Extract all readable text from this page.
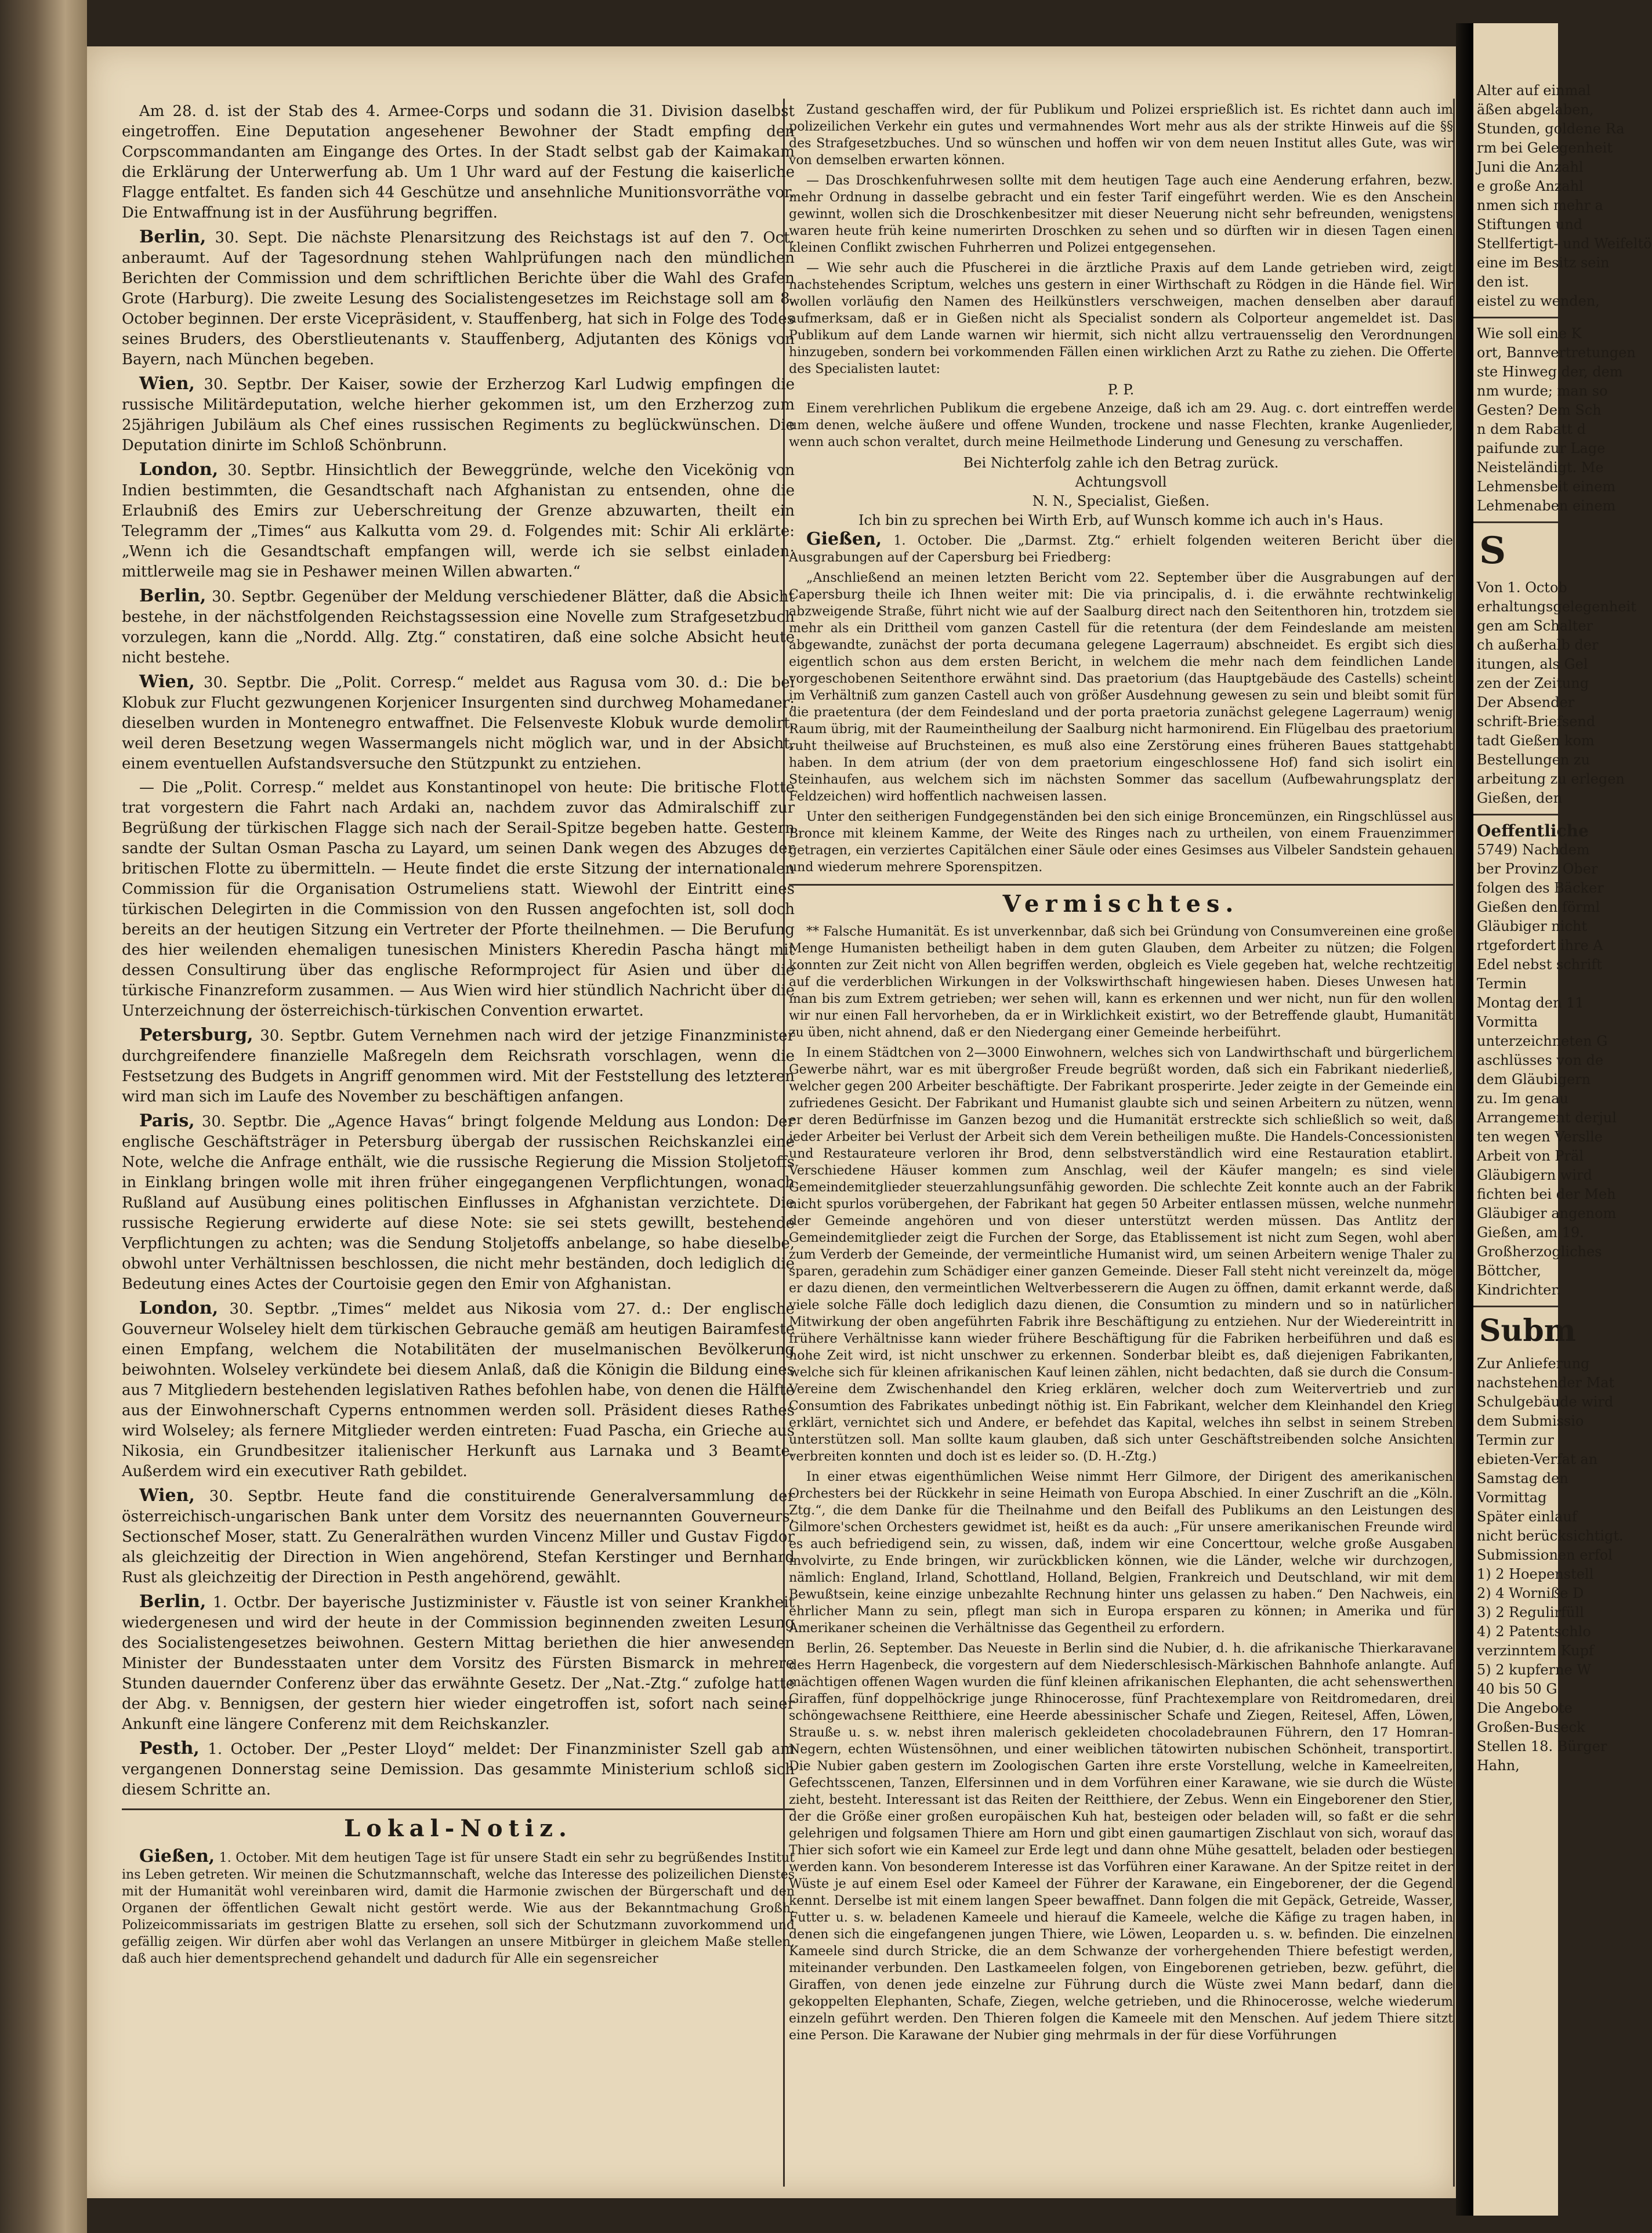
Am 28. d. ist der Stab des 4. Armee-Corps und sodann die 31. Division daselbst eingetroffen. Eine Deputation angesehener Bewohner der Stadt empfing den Corpscommandanten am Eingange des Ortes. In der Stadt selbst gab der Kaimakam die Erklärung der Unterwerfung ab. Um 1 Uhr ward auf der Festung die kaiserliche Flagge entfaltet. Es fanden sich 44 Geschütze und ansehnliche Munitionsvorräthe vor. Die Entwaffnung ist in der Ausführung begriffen.

Berlin, 30. Sept. Die nächste Plenarsitzung des Reichstags ist auf den 7. Oct. anberaumt. Auf der Tagesordnung stehen Wahlprüfungen nach den mündlichen Berichten der Commission und dem schriftlichen Berichte über die Wahl des Grafen Grote (Harburg). Die zweite Lesung des Socialistengesetzes im Reichstage soll am 8. October beginnen. Der erste Vicepräsident, v. Stauffenberg, hat sich in Folge des Todes seines Bruders, des Oberstlieutenants v. Stauffenberg, Adjutanten des Königs von Bayern, nach München begeben.

Wien, 30. Septbr. Der Kaiser, sowie der Erzherzog Karl Ludwig empfingen die russische Militärdeputation, welche hierher gekommen ist, um den Erzherzog zum 25jährigen Jubiläum als Chef eines russischen Regiments zu beglückwünschen. Die Deputation dinirte im Schloß Schönbrunn.

London, 30. Septbr. Hinsichtlich der Beweggründe, welche den Vicekönig von Indien bestimmten, die Gesandtschaft nach Afghanistan zu entsenden, ohne die Erlaubniß des Emirs zur Ueberschreitung der Grenze abzuwarten, theilt ein Telegramm der „Times“ aus Kalkutta vom 29. d. Folgendes mit: Schir Ali erklärte: „Wenn ich die Gesandtschaft empfangen will, werde ich sie selbst einladen; mittlerweile mag sie in Peshawer meinen Willen abwarten.“

Berlin, 30. Septbr. Gegenüber der Meldung verschiedener Blätter, daß die Absicht bestehe, in der nächstfolgenden Reichstagssession eine Novelle zum Strafgesetzbuch vorzulegen, kann die „Nordd. Allg. Ztg.“ constatiren, daß eine solche Absicht heute nicht bestehe.

Wien, 30. Septbr. Die „Polit. Corresp.“ meldet aus Ragusa vom 30. d.: Die bei Klobuk zur Flucht gezwungenen Korjenicer Insurgenten sind durchweg Mohamedaner; dieselben wurden in Montenegro entwaffnet. Die Felsenveste Klobuk wurde demolirt, weil deren Besetzung wegen Wassermangels nicht möglich war, und in der Absicht, einem eventuellen Aufstandsversuche den Stützpunkt zu entziehen.

— Die „Polit. Corresp.“ meldet aus Konstantinopel von heute: Die britische Flotte trat vorgestern die Fahrt nach Ardaki an, nachdem zuvor das Admiralschiff zur Begrüßung der türkischen Flagge sich nach der Serail-Spitze begeben hatte. Gestern sandte der Sultan Osman Pascha zu Layard, um seinen Dank wegen des Abzuges der britischen Flotte zu übermitteln. — Heute findet die erste Sitzung der internationalen Commission für die Organisation Ostrumeliens statt. Wiewohl der Eintritt eines türkischen Delegirten in die Commission von den Russen angefochten ist, soll doch bereits an der heutigen Sitzung ein Vertreter der Pforte theilnehmen. — Die Berufung des hier weilenden ehemaligen tunesischen Ministers Kheredin Pascha hängt mit dessen Consultirung über das englische Reformproject für Asien und über die türkische Finanzreform zusammen. — Aus Wien wird hier stündlich Nachricht über die Unterzeichnung der österreichisch-türkischen Convention erwartet.

Petersburg, 30. Septbr. Gutem Vernehmen nach wird der jetzige Finanzminister durchgreifendere finanzielle Maßregeln dem Reichsrath vorschlagen, wenn die Festsetzung des Budgets in Angriff genommen wird. Mit der Feststellung des letzteren wird man sich im Laufe des November zu beschäftigen anfangen.

Paris, 30. Septbr. Die „Agence Havas“ bringt folgende Meldung aus London: Der englische Geschäftsträger in Petersburg übergab der russischen Reichskanzlei eine Note, welche die Anfrage enthält, wie die russische Regierung die Mission Stoljetoffs in Einklang bringen wolle mit ihren früher eingegangenen Verpflichtungen, wonach Rußland auf Ausübung eines politischen Einflusses in Afghanistan verzichtete. Die russische Regierung erwiderte auf diese Note: sie sei stets gewillt, bestehende Verpflichtungen zu achten; was die Sendung Stoljetoffs anbelange, so habe dieselbe, obwohl unter Verhältnissen beschlossen, die nicht mehr beständen, doch lediglich die Bedeutung eines Actes der Courtoisie gegen den Emir von Afghanistan.

London, 30. Septbr. „Times“ meldet aus Nikosia vom 27. d.: Der englische Gouverneur Wolseley hielt dem türkischen Gebrauche gemäß am heutigen Bairamfeste einen Empfang, welchem die Notabilitäten der muselmanischen Bevölkerung beiwohnten. Wolseley verkündete bei diesem Anlaß, daß die Königin die Bildung eines aus 7 Mitgliedern bestehenden legislativen Rathes befohlen habe, von denen die Hälfte aus der Einwohnerschaft Cyperns entnommen werden soll. Präsident dieses Rathes wird Wolseley; als fernere Mitglieder werden eintreten: Fuad Pascha, ein Grieche aus Nikosia, ein Grundbesitzer italienischer Herkunft aus Larnaka und 3 Beamte. Außerdem wird ein executiver Rath gebildet.

Wien, 30. Septbr. Heute fand die constituirende Generalversammlung der österreichisch-ungarischen Bank unter dem Vorsitz des neuernannten Gouverneurs, Sectionschef Moser, statt. Zu Generalräthen wurden Vincenz Miller und Gustav Figdor als gleichzeitig der Direction in Wien angehörend, Stefan Kerstinger und Bernhard Rust als gleichzeitig der Direction in Pesth angehörend, gewählt.

Berlin, 1. Octbr. Der bayerische Justizminister v. Fäustle ist von seiner Krankheit wiedergenesen und wird der heute in der Commission beginnenden zweiten Lesung des Socialistengesetzes beiwohnen. Gestern Mittag beriethen die hier anwesenden Minister der Bundesstaaten unter dem Vorsitz des Fürsten Bismarck in mehrere Stunden dauernder Conferenz über das erwähnte Gesetz. Der „Nat.-Ztg.“ zufolge hatte der Abg. v. Bennigsen, der gestern hier wieder eingetroffen ist, sofort nach seiner Ankunft eine längere Conferenz mit dem Reichskanzler.

Pesth, 1. October. Der „Pester Lloyd“ meldet: Der Finanzminister Szell gab am vergangenen Donnerstag seine Demission. Das gesammte Ministerium schloß sich diesem Schritte an.

Lokal-Notiz.

Gießen, 1. October. Mit dem heutigen Tage ist für unsere Stadt ein sehr zu begrüßendes Institut ins Leben getreten. Wir meinen die Schutzmannschaft, welche das Interesse des polizeilichen Dienstes mit der Humanität wohl vereinbaren wird, damit die Harmonie zwischen der Bürgerschaft und den Organen der öffentlichen Gewalt nicht gestört werde. Wie aus der Bekanntmachung Großh. Polizeicommissariats im gestrigen Blatte zu ersehen, soll sich der Schutzmann zuvorkommend und gefällig zeigen. Wir dürfen aber wohl das Verlangen an unsere Mitbürger in gleichem Maße stellen, daß auch hier dementsprechend gehandelt und dadurch für Alle ein segensreicher

Zustand geschaffen wird, der für Publikum und Polizei ersprießlich ist. Es richtet dann auch im polizeilichen Verkehr ein gutes und vermahnendes Wort mehr aus als der strikte Hinweis auf die §§ des Strafgesetzbuches. Und so wünschen und hoffen wir von dem neuen Institut alles Gute, was wir von demselben erwarten können.

— Das Droschkenfuhrwesen sollte mit dem heutigen Tage auch eine Aenderung erfahren, bezw. mehr Ordnung in dasselbe gebracht und ein fester Tarif eingeführt werden. Wie es den Anschein gewinnt, wollen sich die Droschkenbesitzer mit dieser Neuerung nicht sehr befreunden, wenigstens waren heute früh keine numerirten Droschken zu sehen und so dürften wir in diesen Tagen einen kleinen Conflikt zwischen Fuhrherren und Polizei entgegensehen.

— Wie sehr auch die Pfuscherei in die ärztliche Praxis auf dem Lande getrieben wird, zeigt nachstehendes Scriptum, welches uns gestern in einer Wirthschaft zu Rödgen in die Hände fiel. Wir wollen vorläufig den Namen des Heilkünstlers verschweigen, machen denselben aber darauf aufmerksam, daß er in Gießen nicht als Specialist sondern als Colporteur angemeldet ist. Das Publikum auf dem Lande warnen wir hiermit, sich nicht allzu vertrauensselig den Verordnungen hinzugeben, sondern bei vorkommenden Fällen einen wirklichen Arzt zu Rathe zu ziehen. Die Offerte des Specialisten lautet:

P. P.

Einem verehrlichen Publikum die ergebene Anzeige, daß ich am 29. Aug. c. dort eintreffen werde um denen, welche äußere und offene Wunden, trockene und nasse Flechten, kranke Augenlieder, wenn auch schon veraltet, durch meine Heilmethode Linderung und Genesung zu verschaffen.

Bei Nichterfolg zahle ich den Betrag zurück.

Achtungsvoll

N. N., Specialist, Gießen.

Ich bin zu sprechen bei Wirth Erb, auf Wunsch komme ich auch in's Haus.

Gießen, 1. October. Die „Darmst. Ztg.“ erhielt folgenden weiteren Bericht über die Ausgrabungen auf der Capersburg bei Friedberg:

„Anschließend an meinen letzten Bericht vom 22. September über die Ausgrabungen auf der Capersburg theile ich Ihnen weiter mit: Die via principalis, d. i. die erwähnte rechtwinkelig abzweigende Straße, führt nicht wie auf der Saalburg direct nach den Seitenthoren hin, trotzdem sie mehr als ein Drittheil vom ganzen Castell für die retentura (der dem Feindeslande am meisten abgewandte, zunächst der porta decumana gelegene Lagerraum) abschneidet. Es ergibt sich dies eigentlich schon aus dem ersten Bericht, in welchem die mehr nach dem feindlichen Lande vorgeschobenen Seitenthore erwähnt sind. Das praetorium (das Hauptgebäude des Castells) scheint im Verhältniß zum ganzen Castell auch von größer Ausdehnung gewesen zu sein und bleibt somit für die praetentura (der dem Feindesland und der porta praetoria zunächst gelegene Lagerraum) wenig Raum übrig, mit der Raumeintheilung der Saalburg nicht harmonirend. Ein Flügelbau des praetorium ruht theilweise auf Bruchsteinen, es muß also eine Zerstörung eines früheren Baues stattgehabt haben. In dem atrium (der von dem praetorium eingeschlossene Hof) fand sich isolirt ein Steinhaufen, aus welchem sich im nächsten Sommer das sacellum (Aufbewahrungsplatz der Feldzeichen) wird hoffentlich nachweisen lassen.

Unter den seitherigen Fundgegenständen bei den sich einige Broncemünzen, ein Ringschlüssel aus Bronce mit kleinem Kamme, der Weite des Ringes nach zu urtheilen, von einem Frauenzimmer getragen, ein verziertes Capitälchen einer Säule oder eines Gesimses aus Vilbeler Sandstein gehauen und wiederum mehrere Sporenspitzen.

Vermischtes.

** Falsche Humanität. Es ist unverkennbar, daß sich bei Gründung von Consumvereinen eine große Menge Humanisten betheiligt haben in dem guten Glauben, dem Arbeiter zu nützen; die Folgen konnten zur Zeit nicht von Allen begriffen werden, obgleich es Viele gegeben hat, welche rechtzeitig auf die verderblichen Wirkungen in der Volkswirthschaft hingewiesen haben. Dieses Unwesen hat man bis zum Extrem getrieben; wer sehen will, kann es erkennen und wer nicht, nun für den wollen wir nur einen Fall hervorheben, da er in Wirklichkeit existirt, wo der Betreffende glaubt, Humanität zu üben, nicht ahnend, daß er den Niedergang einer Gemeinde herbeiführt.

In einem Städtchen von 2—3000 Einwohnern, welches sich von Landwirthschaft und bürgerlichem Gewerbe nährt, war es mit übergroßer Freude begrüßt worden, daß sich ein Fabrikant niederließ, welcher gegen 200 Arbeiter beschäftigte. Der Fabrikant prosperirte. Jeder zeigte in der Gemeinde ein zufriedenes Gesicht. Der Fabrikant und Humanist glaubte sich und seinen Arbeitern zu nützen, wenn er deren Bedürfnisse im Ganzen bezog und die Humanität erstreckte sich schließlich so weit, daß jeder Arbeiter bei Verlust der Arbeit sich dem Verein betheiligen mußte. Die Handels-Concessionisten und Restaurateure verloren ihr Brod, denn selbstverständlich wird eine Restauration etablirt. Verschiedene Häuser kommen zum Anschlag, weil der Käufer mangeln; es sind viele Gemeindemitglieder steuerzahlungsunfähig geworden. Die schlechte Zeit konnte auch an der Fabrik nicht spurlos vorübergehen, der Fabrikant hat gegen 50 Arbeiter entlassen müssen, welche nunmehr der Gemeinde angehören und von dieser unterstützt werden müssen. Das Antlitz der Gemeindemitglieder zeigt die Furchen der Sorge, das Etablissement ist nicht zum Segen, wohl aber zum Verderb der Gemeinde, der vermeintliche Humanist wird, um seinen Arbeitern wenige Thaler zu sparen, geradehin zum Schädiger einer ganzen Gemeinde. Dieser Fall steht nicht vereinzelt da, möge er dazu dienen, den vermeintlichen Weltverbesserern die Augen zu öffnen, damit erkannt werde, daß viele solche Fälle doch lediglich dazu dienen, die Consumtion zu mindern und so in natürlicher Mitwirkung der oben angeführten Fabrik ihre Beschäftigung zu entziehen. Nur der Wiedereintritt in frühere Verhältnisse kann wieder frühere Beschäftigung für die Fabriken herbeiführen und daß es hohe Zeit wird, ist nicht unschwer zu erkennen. Sonderbar bleibt es, daß diejenigen Fabrikanten, welche sich für kleinen afrikanischen Kauf leinen zählen, nicht bedachten, daß sie durch die Consum-Vereine dem Zwischenhandel den Krieg erklären, welcher doch zum Weitervertrieb und zur Consumtion des Fabrikates unbedingt nöthig ist. Ein Fabrikant, welcher dem Kleinhandel den Krieg erklärt, vernichtet sich und Andere, er befehdet das Kapital, welches ihn selbst in seinem Streben unterstützen soll. Man sollte kaum glauben, daß sich unter Geschäftstreibenden solche Ansichten verbreiten konnten und doch ist es leider so. (D. H.-Ztg.)

In einer etwas eigenthümlichen Weise nimmt Herr Gilmore, der Dirigent des amerikanischen Orchesters bei der Rückkehr in seine Heimath von Europa Abschied. In einer Zuschrift an die „Köln. Ztg.“, die dem Danke für die Theilnahme und den Beifall des Publikums an den Leistungen des Gilmore'schen Orchesters gewidmet ist, heißt es da auch: „Für unsere amerikanischen Freunde wird es auch befriedigend sein, zu wissen, daß, indem wir eine Concerttour, welche große Ausgaben involvirte, zu Ende bringen, wir zurückblicken können, wie die Länder, welche wir durchzogen, nämlich: England, Irland, Schottland, Holland, Belgien, Frankreich und Deutschland, wir mit dem Bewußtsein, keine einzige unbezahlte Rechnung hinter uns gelassen zu haben.“ Den Nachweis, ein ehrlicher Mann zu sein, pflegt man sich in Europa ersparen zu können; in Amerika und für Amerikaner scheinen die Verhältnisse das Gegentheil zu erfordern.

Berlin, 26. September. Das Neueste in Berlin sind die Nubier, d. h. die afrikanische Thierkaravane des Herrn Hagenbeck, die vorgestern auf dem Niederschlesisch-Märkischen Bahnhofe anlangte. Auf mächtigen offenen Wagen wurden die fünf kleinen afrikanischen Elephanten, die acht sehenswerthen Giraffen, fünf doppelhöckrige junge Rhinocerosse, fünf Prachtexemplare von Reitdromedaren, drei schöngewachsene Reitthiere, eine Heerde abessinischer Schafe und Ziegen, Reitesel, Affen, Löwen, Strauße u. s. w. nebst ihren malerisch gekleideten chocoladebraunen Führern, den 17 Homran-Negern, echten Wüstensöhnen, und einer weiblichen tätowirten nubischen Schönheit, transportirt. Die Nubier gaben gestern im Zoologischen Garten ihre erste Vorstellung, welche in Kameelreiten, Gefechtsscenen, Tanzen, Elfersinnen und in dem Vorführen einer Karawane, wie sie durch die Wüste zieht, besteht. Interessant ist das Reiten der Reitthiere, der Zebus. Wenn ein Eingeborener den Stier, der die Größe einer großen europäischen Kuh hat, besteigen oder beladen will, so faßt er die sehr gelehrigen und folgsamen Thiere am Horn und gibt einen gaumartigen Zischlaut von sich, worauf das Thier sich sofort wie ein Kameel zur Erde legt und dann ohne Mühe gesattelt, beladen oder bestiegen werden kann. Von besonderem Interesse ist das Vorführen einer Karawane. An der Spitze reitet in der Wüste je auf einem Esel oder Kameel der Führer der Karawane, ein Eingeborener, der die Gegend kennt. Derselbe ist mit einem langen Speer bewaffnet. Dann folgen die mit Gepäck, Getreide, Wasser, Futter u. s. w. beladenen Kameele und hierauf die Kameele, welche die Käfige zu tragen haben, in denen sich die eingefangenen jungen Thiere, wie Löwen, Leoparden u. s. w. befinden. Die einzelnen Kameele sind durch Stricke, die an dem Schwanze der vorhergehenden Thiere befestigt werden, miteinander verbunden. Den Lastkameelen folgen, von Eingeborenen getrieben, bezw. geführt, die Giraffen, von denen jede einzelne zur Führung durch die Wüste zwei Mann bedarf, dann die gekoppelten Elephanten, Schafe, Ziegen, welche getrieben, und die Rhinocerosse, welche wiederum einzeln geführt werden. Den Thieren folgen die Kameele mit den Menschen. Auf jedem Thiere sitzt eine Person. Die Karawane der Nubier ging mehrmals in der für diese Vorführungen

Alter auf einmal
äßen abgelaben,
Stunden, goldene Ra
rm bei Gelegenheit
Juni die Anzahl
e große Anzahl
nmen sich mehr a
Stiftungen und
Stellfertigt- und Weifeltö
eine im Besitz sein
den ist.
eistel zu wenden,
Wie soll eine K
ort, Bannvertretungen
ste Hinweg der, dem
nm wurde; man so
Gesten? Dem Sch
n dem Rabatt d
paifunde zur Lage
Neisteländigt. Me
Lehmensbeit einem
Lehmenaben einem
S
Von 1. Octob
erhaltungsgelegenheit
gen am Schalter
ch außerhalb der
itungen, als Gel
zen der Zeitung
Der Absender
schrift-Briefsend
tadt Gießen kom
Bestellungen zu
arbeitung zu erlegen
Gießen, den
Oeffentliche
5749) Nachdem
ber Provinz Ober
folgen des Bäcker
Gießen den förml
Gläubiger nicht
rtgefordert ihre A
Edel nebst schrift
Termin
Montag den 11
Vormitta
unterzeichneten G
aschlüsses von de
dem Gläubigern
zu. Im genau
Arrangement derjul
ten wegen Verslle
Arbeit von Präl
Gläubigern wird
fichten bei der Meh
Gläubiger angenom
Gießen, am 19.
Großherzogliches
Böttcher,
Kindrichter.
Subm
Zur Anlieferung
nachstehender Mat
Schulgebäude wird
dem Submissio
Termin zur
ebieten-Verfat an
Samstag den
Vormittag
Später einlauf
nicht berücksichtigt.
Submissionen erfol
1) 2 Hoepenstell
2) 4 Worniße D
3) 2 Regulirfüll
4) 2 Patentschlo
verzinntem Kupf
5) 2 kupferne W
40 bis 50 G
Die Angebote
Großen-Buseck
Stellen 18. Bürger
Hahn,
